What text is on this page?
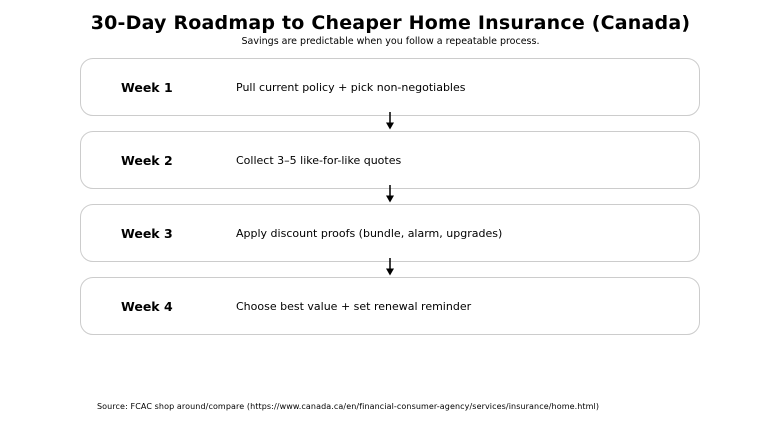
30-Day Roadmap to Cheaper Home Insurance (Canada)
Savings are predictable when you follow a repeatable process.
Week 1	Pull current policy + pick non-negotiables
Week 2	Collect 3–5 like-for-like quotes
Week 3	Apply discount proofs (bundle, alarm, upgrades)
Week 4	Choose best value + set renewal reminder
Source: FCAC shop around/compare (https://www.canada.ca/en/financial-consumer-agency/services/insurance/home.html)
